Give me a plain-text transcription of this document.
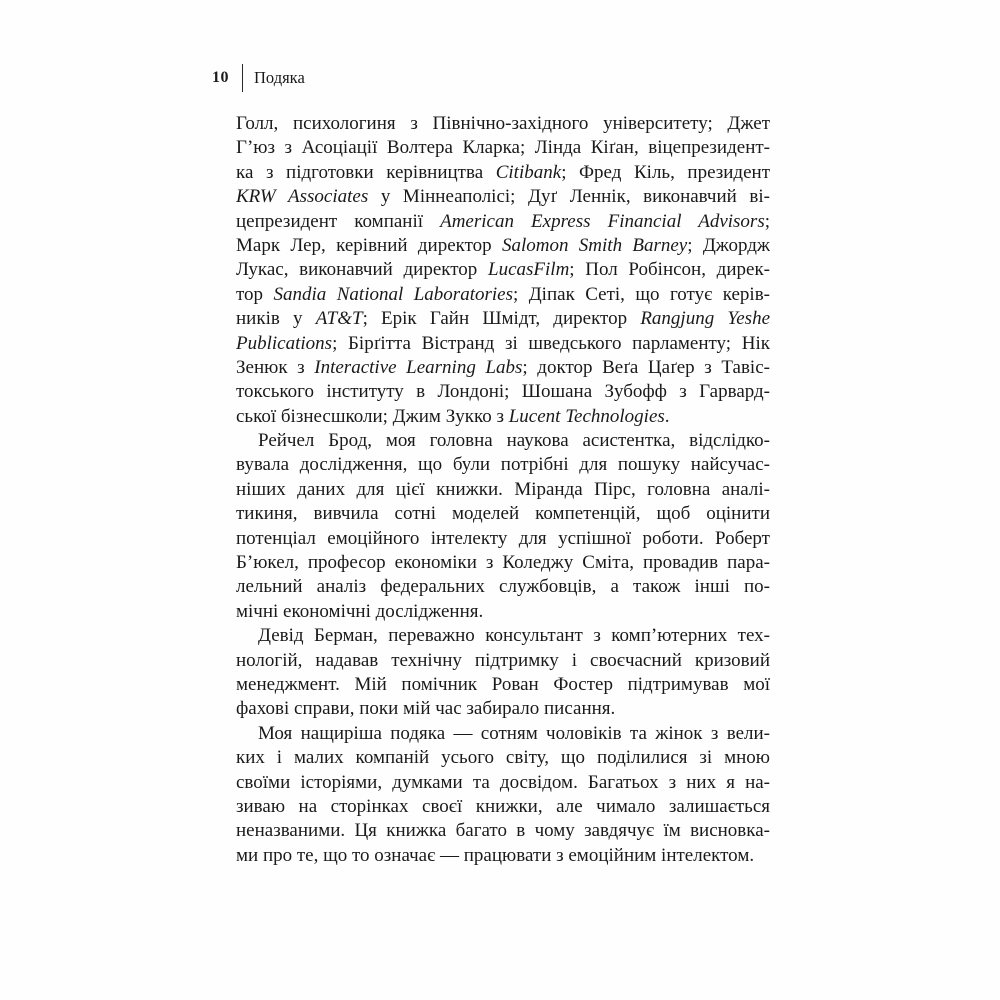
10 Подяка
Голл, психологиня з Північно-західного університету; Джет
Г’юз з Асоціації Волтера Кларка; Лінда Кіґан, віцепрезидент-
ка з підготовки керівництва Citibank; Фред Кіль, президент
KRW Associates у Міннеаполісі; Дуґ Леннік, виконавчий ві-
цепрезидент компанії American Express Financial Advisors;
Марк Лер, керівний директор Salomon Smith Barney; Джордж
Лукас, виконавчий директор LucasFilm; Пол Робінсон, дирек-
тор Sandia National Laboratories; Діпак Сеті, що готує керів-
ників у AT&T; Ерік Гайн Шмідт, директор Rangjung Yeshe
Publications; Бірґітта Вістранд зі шведського парламенту; Нік
Зенюк з Interactive Learning Labs; доктор Веґа Цаґер з Тавіс-
токського інституту в Лондоні; Шошана Зубофф з Гарвард-
ської бізнесшколи; Джим Зукко з Lucent Technologies.
Рейчел Брод, моя головна наукова асистентка, відслідко-
вувала дослідження, що були потрібні для пошуку найсучас-
ніших даних для цієї книжки. Міранда Пірс, головна аналі-
тикиня, вивчила сотні моделей компетенцій, щоб оцінити
потенціал емоційного інтелекту для успішної роботи. Роберт
Б’юкел, професор економіки з Коледжу Сміта, провадив пара-
лельний аналіз федеральних службовців, а також інші по-
мічні економічні дослідження.
Девід Берман, переважно консультант з комп’ютерних тех-
нологій, надавав технічну підтримку і своєчасний кризовий
менеджмент. Мій помічник Рован Фостер підтримував мої
фахові справи, поки мій час забирало писання.
Моя нащиріша подяка — сотням чоловіків та жінок з вели-
ких і малих компаній усього світу, що поділилися зі мною
своїми історіями, думками та досвідом. Багатьох з них я на-
зиваю на сторінках своєї книжки, але чимало залишається
неназваними. Ця книжка багато в чому завдячує їм висновка-
ми про те, що то означає — працювати з емоційним інтелектом.
